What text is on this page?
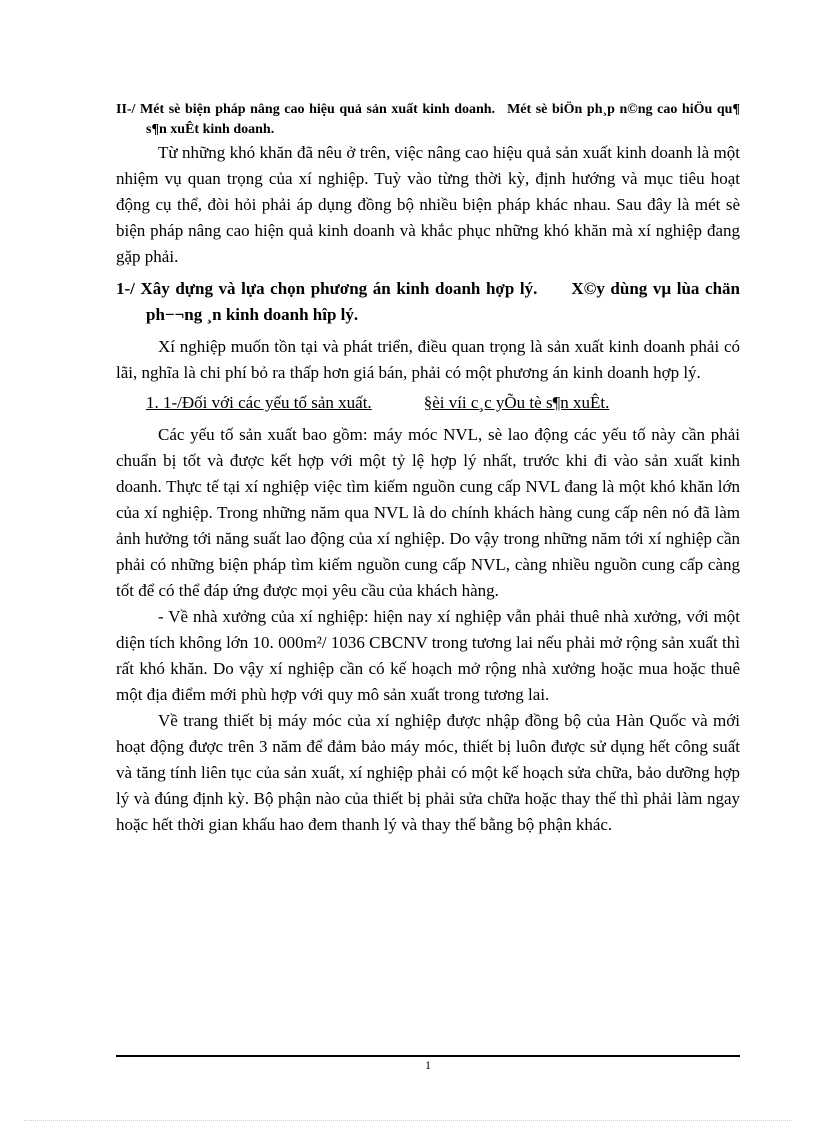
II-/ Mét sè biện pháp nâng cao hiệu quả sản xuất kinh doanh. Mét sè biÖn ph¸p n©ng cao hiÖu qu¶ s¶n xuÊt kinh doanh.

Từ những khó khăn đã nêu ở trên, việc nâng cao hiệu quả sản xuất kinh doanh là một nhiệm vụ quan trọng của xí nghiệp. Tuỳ vào từng thời kỳ, định hướng và mục tiêu hoạt động cụ thể, đòi hỏi phải áp dụng đồng bộ nhiều biện pháp khác nhau. Sau đây là mét sè biện pháp nâng cao hiện quả kinh doanh và khắc phục những khó khăn mà xí nghiệp đang gặp phải.

1-/ Xây dựng và lựa chọn phương án kinh doanh hợp lý. X©y dùng vµ lùa chän ph−¬ng ¸n kinh doanh hîp lý.

Xí nghiệp muốn tồn tại và phát triển, điều quan trọng là sản xuất kinh doanh phải có lãi, nghĩa là chi phí bỏ ra thấp hơn giá bán, phải có một phương án kinh doanh hợp lý.

1. 1-/Đối với các yếu tố sản xuất.	§èi víi c¸c yÕu tè s¶n xuÊt.

Các yếu tố sản xuất bao gồm: máy móc NVL, sè lao động các yếu tố này cần phải chuẩn bị tốt và được kết hợp với một tỷ lệ hợp lý nhất, trước khi đi vào sản xuất kinh doanh. Thực tế tại xí nghiệp việc tìm kiếm nguồn cung cấp NVL đang là một khó khăn lớn của xí nghiệp. Trong những năm qua NVL là do chính khách hàng cung cấp nên nó đã làm ảnh hưởng tới năng suất lao động của xí nghiệp. Do vậy trong những năm tới xí nghiệp cần phải có những biện pháp tìm kiếm nguồn cung cấp NVL, càng nhiều nguồn cung cấp càng tốt để có thể đáp ứng được mọi yêu cầu của khách hàng.

- Về nhà xưởng của xí nghiệp: hiện nay xí nghiệp vẫn phải thuê nhà xưởng, với một diện tích không lớn 10. 000m²/ 1036 CBCNV trong tương lai nếu phải mở rộng sản xuất thì rất khó khăn. Do vậy xí nghiệp cần có kế hoạch mở rộng nhà xưởng hoặc mua hoặc thuê một địa điểm mới phù hợp với quy mô sản xuất trong tương lai.

Về trang thiết bị máy móc của xí nghiệp được nhập đồng bộ của Hàn Quốc và mới hoạt động được trên 3 năm để đảm bảo máy móc, thiết bị luôn được sử dụng hết công suất và tăng tính liên tục của sản xuất, xí nghiệp phải có một kế hoạch sửa chữa, bảo dưỡng hợp lý và đúng định kỳ. Bộ phận nào của thiết bị phải sửa chữa hoặc thay thế thì phải làm ngay hoặc hết thời gian khấu hao đem thanh lý và thay thế bằng bộ phận khác.

1
